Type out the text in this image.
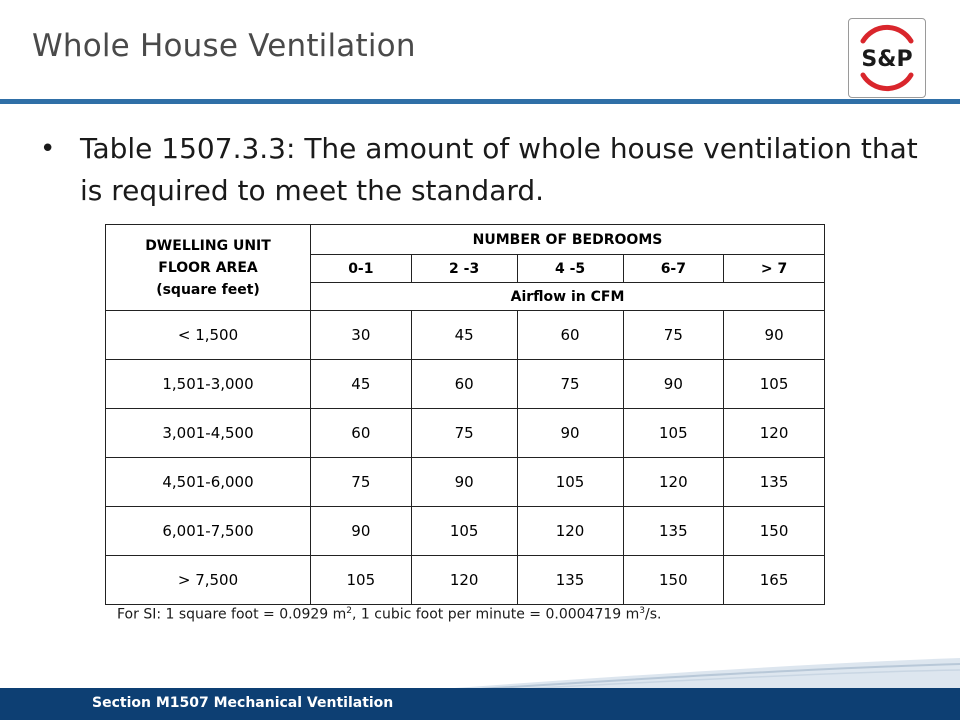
Whole House Ventilation	S&P
• Table 1507.3.3: The amount of whole house ventilation that is required to meet the standard.
DWELLING UNIT
FLOOR AREA
(square feet)	NUMBER OF BEDROOMS				
	0-1	2 -3	4 -5	6-7	> 7
	Airflow in CFM				
< 1,500	30	45	60	75	90
1,501-3,000	45	60	75	90	105
3,001-4,500	60	75	90	105	120
4,501-6,000	75	90	105	120	135
6,001-7,500	90	105	120	135	150
> 7,500	105	120	135	150	165
For SI: 1 square foot = 0.0929 $m^2$, 1 cubic foot per minute = 0.0004719 $m^3/s$.
Section M1507 Mechanical Ventilation
